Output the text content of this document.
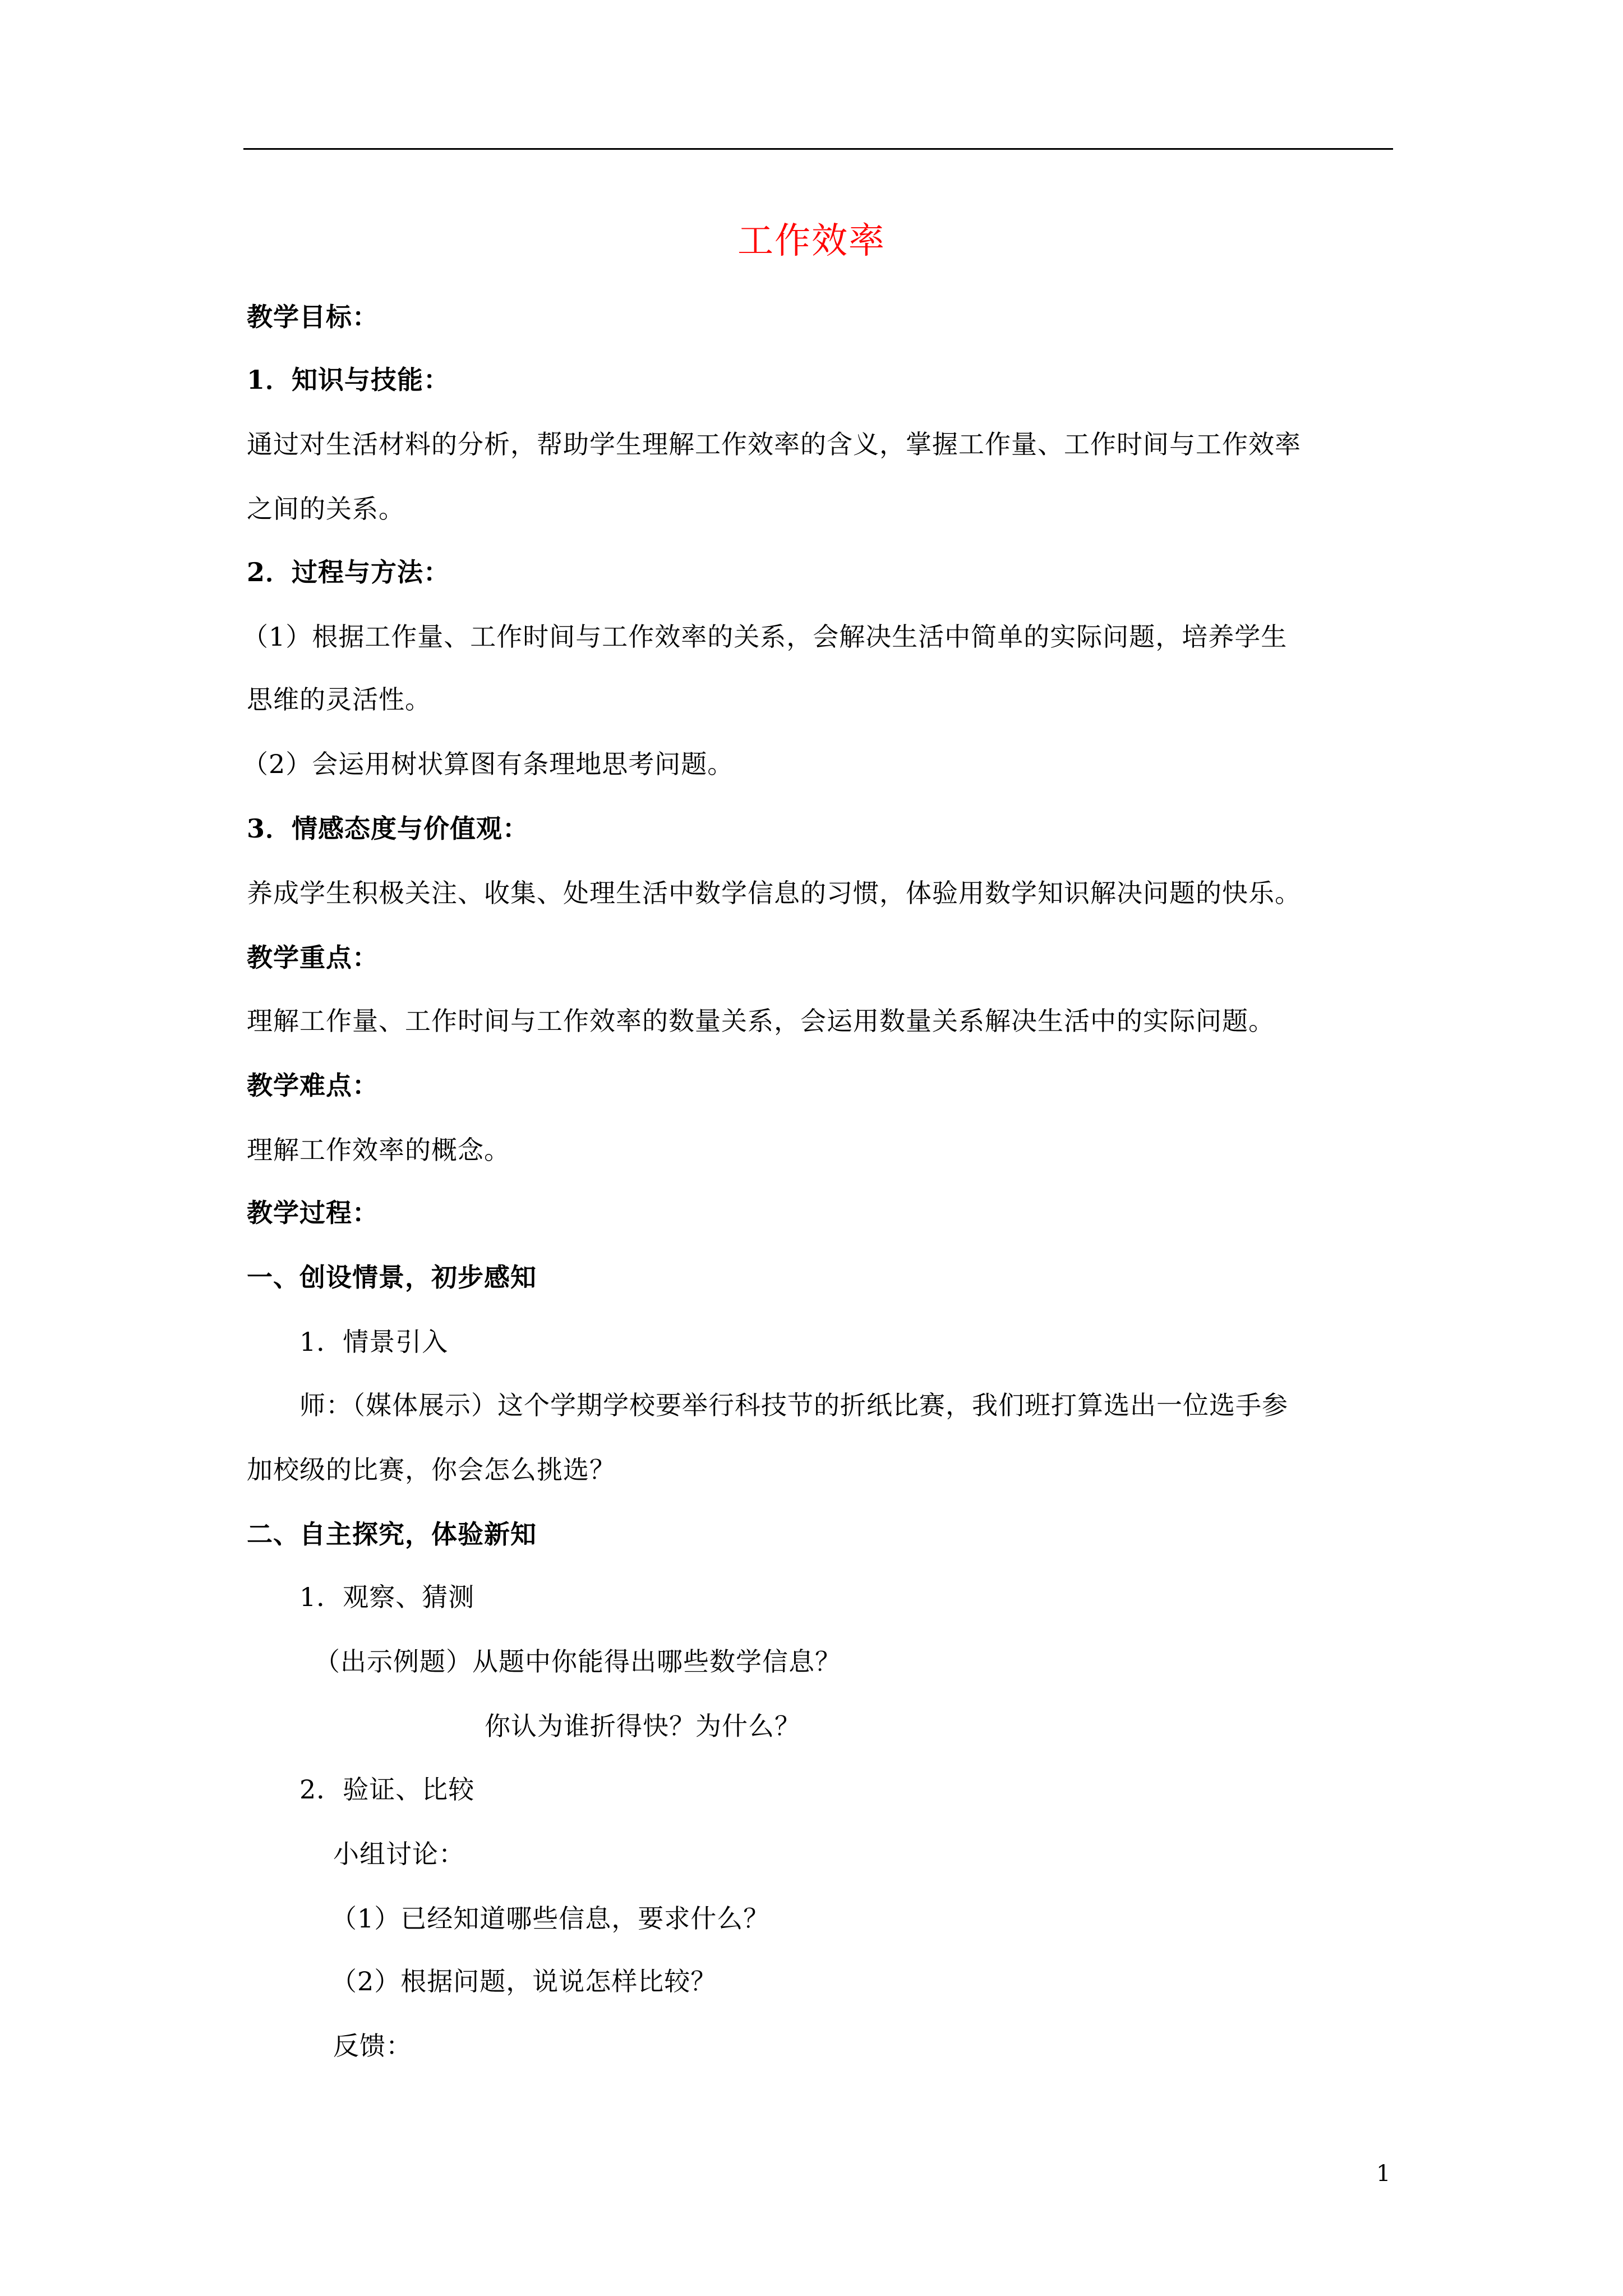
工作效率
教学目标：
1．知识与技能：
通过对生活材料的分析，帮助学生理解工作效率的含义，掌握工作量、工作时间与工作效率
之间的关系。
2．过程与方法：
（1）根据工作量、工作时间与工作效率的关系，会解决生活中简单的实际问题，培养学生
思维的灵活性。
（2）会运用树状算图有条理地思考问题。
3．情感态度与价值观：
养成学生积极关注、收集、处理生活中数学信息的习惯，体验用数学知识解决问题的快乐。
教学重点：
理解工作量、工作时间与工作效率的数量关系，会运用数量关系解决生活中的实际问题。
教学难点：
理解工作效率的概念。
教学过程：
一、创设情景，初步感知
1．情景引入
师：（媒体展示）这个学期学校要举行科技节的折纸比赛，我们班打算选出一位选手参
加校级的比赛，你会怎么挑选？
二、自主探究，体验新知
1．观察、猜测
（出示例题）从题中你能得出哪些数学信息？
你认为谁折得快？为什么？
2．验证、比较
小组讨论：
（1）已经知道哪些信息，要求什么？
（2）根据问题，说说怎样比较？
反馈：
1
